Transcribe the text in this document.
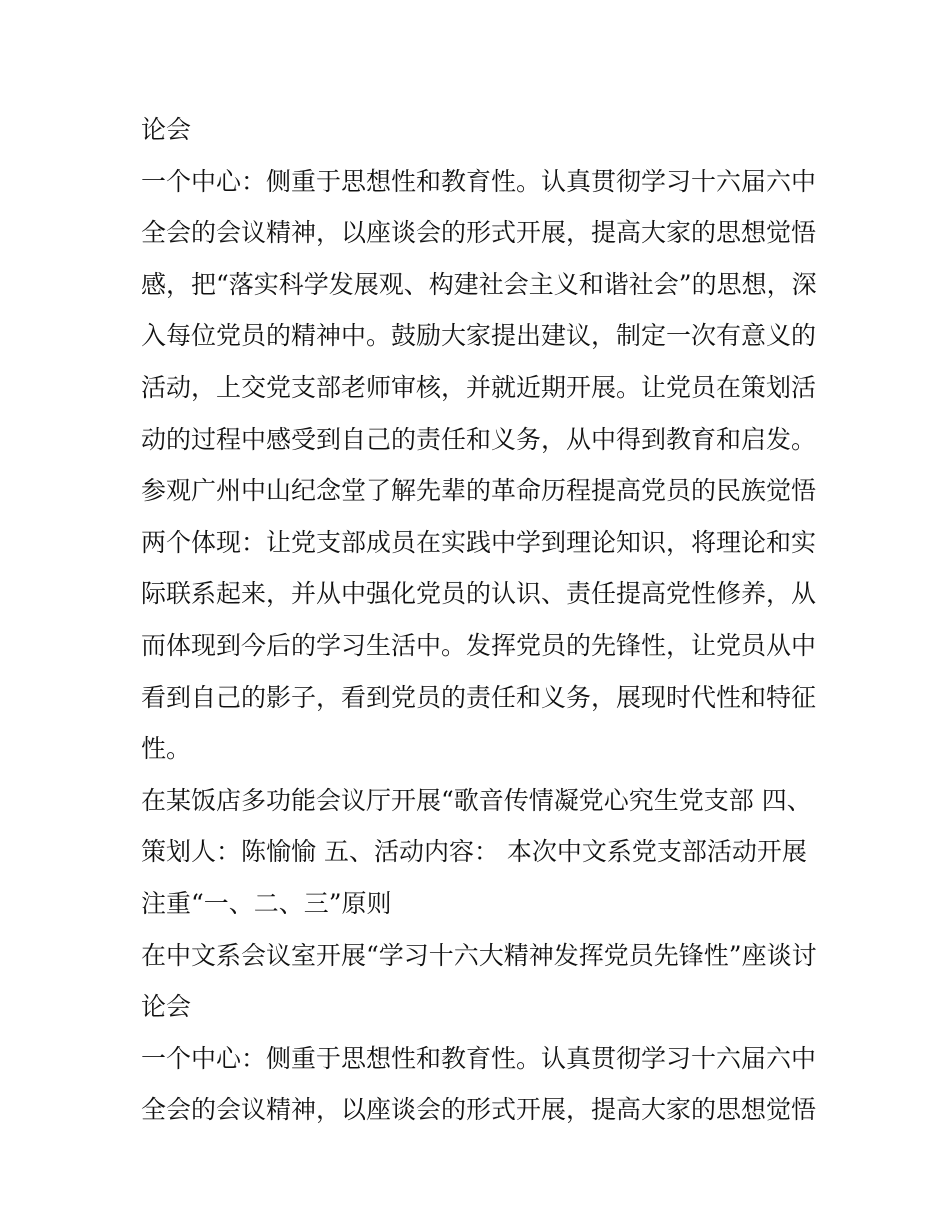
论会
一个中心：侧重于思想性和教育性。认真贯彻学习十六届六中
全会的会议精神，以座谈会的形式开展，提高大家的思想觉悟
感，把“落实科学发展观、构建社会主义和谐社会”的思想，深
入每位党员的精神中。鼓励大家提出建议，制定一次有意义的
活动，上交党支部老师审核，并就近期开展。让党员在策划活
动的过程中感受到自己的责任和义务，从中得到教育和启发。
参观广州中山纪念堂了解先辈的革命历程提高党员的民族觉悟
两个体现：让党支部成员在实践中学到理论知识，将理论和实
际联系起来，并从中强化党员的认识、责任提高党性修养，从
而体现到今后的学习生活中。发挥党员的先锋性，让党员从中
看到自己的影子，看到党员的责任和义务，展现时代性和特征
性。
在某饭店多功能会议厅开展“歌音传情凝党心究生党支部 四、
策划人：陈愉愉 五、活动内容： 本次中文系党支部活动开展
注重“一、二、三”原则
在中文系会议室开展“学习十六大精神发挥党员先锋性”座谈讨
论会
一个中心：侧重于思想性和教育性。认真贯彻学习十六届六中
全会的会议精神，以座谈会的形式开展，提高大家的思想觉悟
